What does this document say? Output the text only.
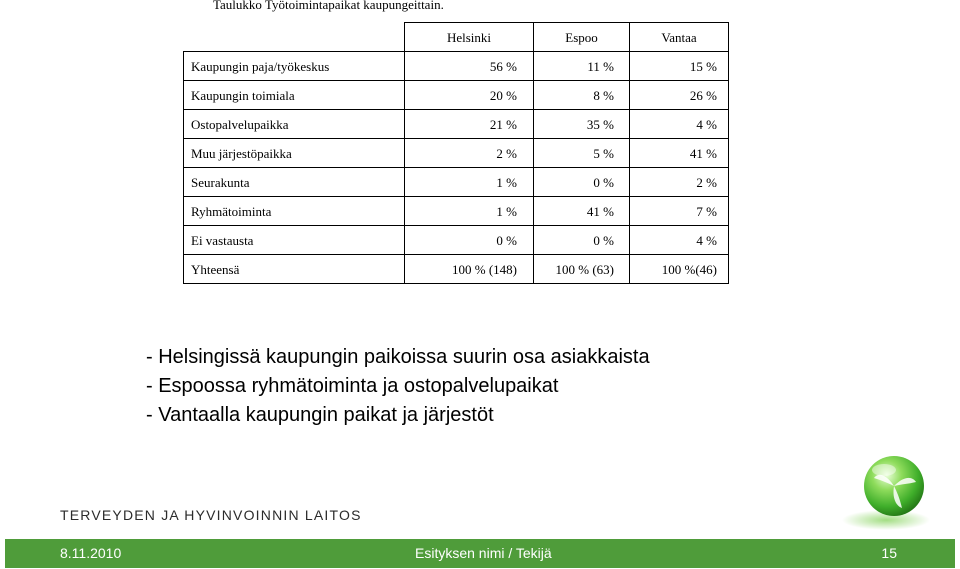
Taulukko Työtoimintapaikat kaupungeittain.
	Helsinki	Espoo	Vantaa
Kaupungin paja/työkeskus	56 %	11 %	15 %
Kaupungin toimiala	20 %	8 %	26 %
Ostopalvelupaikka	21 %	35 %	4 %
Muu järjestöpaikka	2 %	5 %	41 %
Seurakunta	1 %	0 %	2 %
Ryhmätoiminta	1 %	41 %	7 %
Ei vastausta	0 %	0 %	4 %
Yhteensä	100 % (148)	100 % (63)	100 %(46)
- Helsingissä kaupungin paikoissa suurin osa asiakkaista
- Espoossa ryhmätoiminta ja ostopalvelupaikat
- Vantaalla kaupungin paikat ja järjestöt
TERVEYDEN JA HYVINVOINNIN LAITOS
8.11.2010	Esityksen nimi / Tekijä	15
